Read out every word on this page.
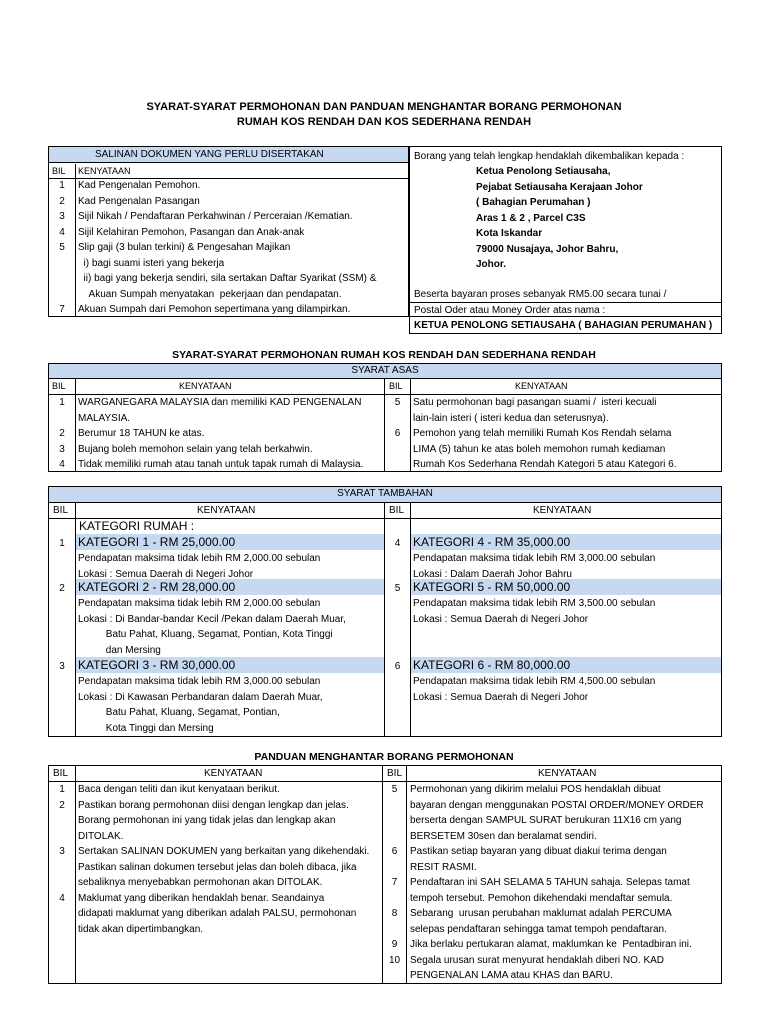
SYARAT-SYARAT PERMOHONAN DAN PANDUAN MENGHANTAR BORANG PERMOHONAN
RUMAH KOS RENDAH DAN KOS SEDERHANA RENDAH
SALINAN DOKUMEN YANG PERLU DISERTAKAN
BIL KENYATAAN
1	Kad Pengenalan Pemohon.
2	Kad Pengenalan Pasangan
3	Sijil Nikah / Pendaftaran Perkahwinan / Perceraian /Kematian.
4	Sijil Kelahiran Pemohon, Pasangan dan Anak-anak
5	Slip gaji (3 bulan terkini) & Pengesahan Majikan
i) bagi suami isteri yang bekerja
ii) bagi yang bekerja sendiri, sila sertakan Daftar Syarikat (SSM) &
Akuan Sumpah menyatakan  pekerjaan dan pendapatan.
7	Akuan Sumpah dari Pemohon sepertimana yang dilampirkan.
Borang yang telah lengkap hendaklah dikembalikan kepada :
Ketua Penolong Setiausaha,
Pejabat Setiausaha Kerajaan Johor
( Bahagian Perumahan )
Aras 1 & 2 , Parcel C3S
Kota Iskandar
79000 Nusajaya, Johor Bahru,
Johor.
Beserta bayaran proses sebanyak RM5.00 secara tunai /
Postal Oder atau Money Order atas nama :
KETUA PENOLONG SETIAUSAHA ( BAHAGIAN PERUMAHAN )
SYARAT-SYARAT PERMOHONAN RUMAH KOS RENDAH DAN SEDERHANA RENDAH
SYARAT ASAS
BIL	KENYATAAN	BIL	KENYATAAN
1	WARGANEGARA MALAYSIA dan memiliki KAD PENGENALAN
MALAYSIA.
2	Berumur 18 TAHUN ke atas.
3	Bujang boleh memohon selain yang telah berkahwin.
4	Tidak memiliki rumah atau tanah untuk tapak rumah di Malaysia.
5	Satu permohonan bagi pasangan suami /  isteri kecuali
lain-lain isteri ( isteri kedua dan seterusnya).
6	Pemohon yang telah memiliki Rumah Kos Rendah selama
LIMA (5) tahun ke atas boleh memohon rumah kediaman
Rumah Kos Sederhana Rendah Kategori 5 atau Kategori 6.
SYARAT TAMBAHAN
BIL	KENYATAAN	BIL	KENYATAAN
KATEGORI RUMAH :
1	KATEGORI 1 - RM 25,000.00
Pendapatan maksima tidak lebih RM 2,000.00 sebulan
Lokasi : Semua Daerah di Negeri Johor
2	KATEGORI 2 - RM 28,000.00
Pendapatan maksima tidak lebih RM 2,000.00 sebulan
Lokasi : Di Bandar-bandar Kecil /Pekan dalam Daerah Muar,
Batu Pahat, Kluang, Segamat, Pontian, Kota Tinggi
dan Mersing
3	KATEGORI 3 - RM 30,000.00
Pendapatan maksima tidak lebih RM 3,000.00 sebulan
Lokasi : Di Kawasan Perbandaran dalam Daerah Muar,
Batu Pahat, Kluang, Segamat, Pontian,
Kota Tinggi dan Mersing
4	KATEGORI 4 - RM 35,000.00
Pendapatan maksima tidak lebih RM 3,000.00 sebulan
Lokasi : Dalam Daerah Johor Bahru
5	KATEGORI 5 - RM 50,000.00
Pendapatan maksima tidak lebih RM 3,500.00 sebulan
Lokasi : Semua Daerah di Negeri Johor
6	KATEGORI 6 - RM 80,000.00
Pendapatan maksima tidak lebih RM 4,500.00 sebulan
Lokasi : Semua Daerah di Negeri Johor
PANDUAN MENGHANTAR BORANG PERMOHONAN
BIL	KENYATAAN	BIL	KENYATAAN
1	Baca dengan teliti dan ikut kenyataan berikut.
2	Pastikan borang permohonan diisi dengan lengkap dan jelas.
Borang permohonan ini yang tidak jelas dan lengkap akan
DITOLAK.
3	Sertakan SALINAN DOKUMEN yang berkaitan yang dikehendaki.
Pastikan salinan dokumen tersebut jelas dan boleh dibaca, jika
sebaliknya menyebabkan permohonan akan DITOLAK.
4	Maklumat yang diberikan hendaklah benar. Seandainya
didapati maklumat yang diberikan adalah PALSU, permohonan
tidak akan dipertimbangkan.
5	Permohonan yang dikirim melalui POS hendaklah dibuat
bayaran dengan menggunakan POSTAl ORDER/MONEY ORDER
berserta dengan SAMPUL SURAT berukuran 11X16 cm yang
BERSETEM 30sen dan beralamat sendiri.
6	Pastikan setiap bayaran yang dibuat diakui terima dengan
RESIT RASMI.
7	Pendaftaran ini SAH SELAMA 5 TAHUN sahaja. Selepas tamat
tempoh tersebut. Pemohon dikehendaki mendaftar semula.
8	Sebarang  urusan perubahan maklumat adalah PERCUMA
selepas pendaftaran sehingga tamat tempoh pendaftaran.
9	Jika berlaku pertukaran alamat, maklumkan ke  Pentadbiran ini.
10 Segala urusan surat menyurat hendaklah diberi NO. KAD
PENGENALAN LAMA atau KHAS dan BARU.
